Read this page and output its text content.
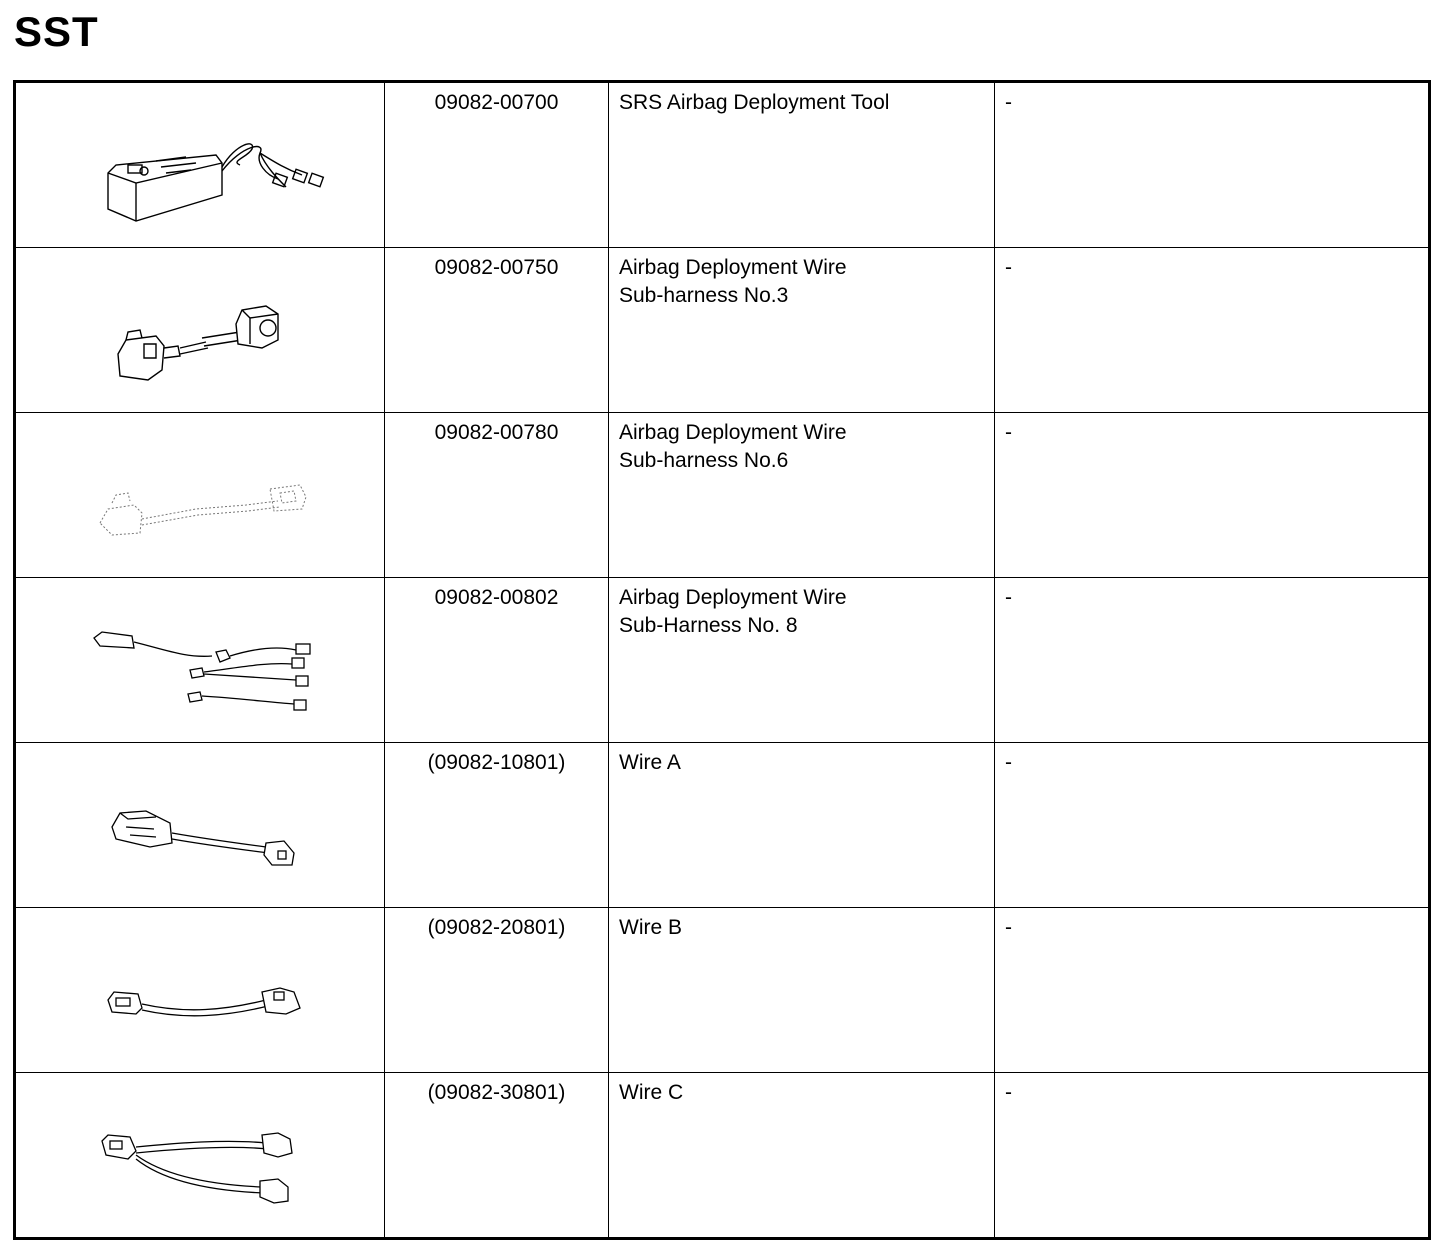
SST
	09082-00700	SRS Airbag Deployment Tool	-

	09082-00750	Airbag Deployment Wire
Sub-harness No.3	-

	09082-00780	Airbag Deployment Wire
Sub-harness No.6	-

	09082-00802	Airbag Deployment Wire
Sub-Harness No. 8	-

	(09082-10801)	Wire A	-

	(09082-20801)	Wire B	-

	(09082-30801)	Wire C	-
